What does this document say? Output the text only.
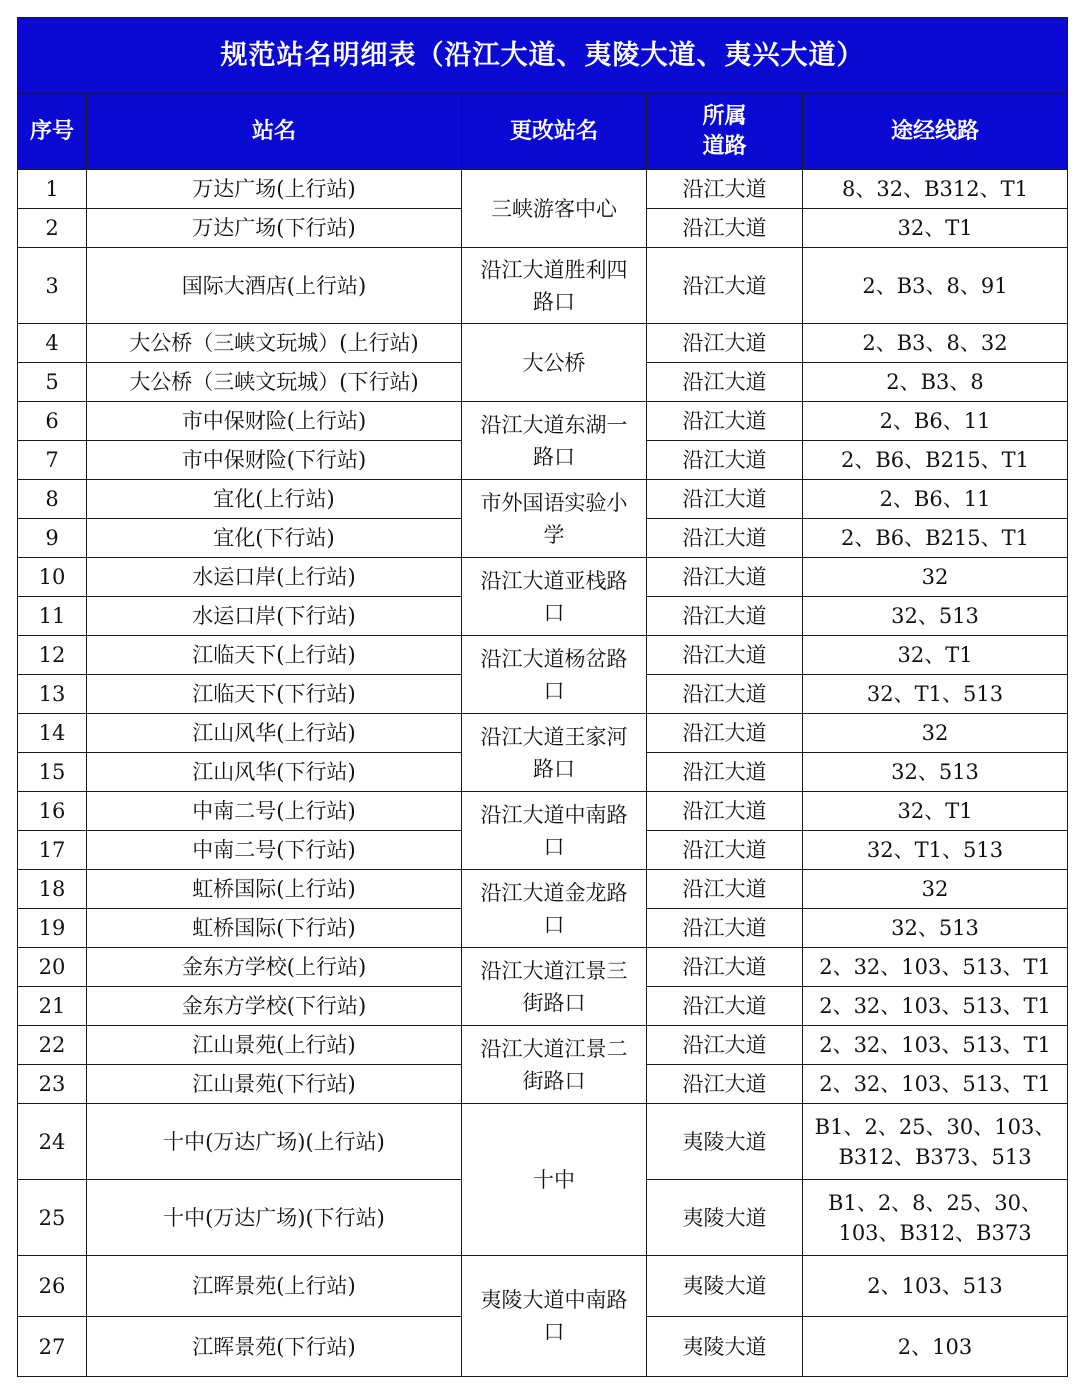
规范站名明细表（沿江大道、夷陵大道、夷兴大道）				
序号	站名	更改站名	所属道路	途经线路
1	万达广场(上行站)	三峡游客中心	沿江大道	8、32、B312、T1
2	万达广场(下行站)		沿江大道	32、T1
3	国际大酒店(上行站)	沿江大道胜利四路口	沿江大道	2、B3、8、91
4	大公桥（三峡文玩城）(上行站)	大公桥	沿江大道	2、B3、8、32
5	大公桥（三峡文玩城）(下行站)		沿江大道	2、B3、8
6	市中保财险(上行站)	沿江大道东湖一路口	沿江大道	2、B6、11
7	市中保财险(下行站)		沿江大道	2、B6、B215、T1
8	宜化(上行站)	市外国语实验小学	沿江大道	2、B6、11
9	宜化(下行站)		沿江大道	2、B6、B215、T1
10	水运口岸(上行站)	沿江大道亚栈路口	沿江大道	32
11	水运口岸(下行站)		沿江大道	32、513
12	江临天下(上行站)	沿江大道杨岔路口	沿江大道	32、T1
13	江临天下(下行站)		沿江大道	32、T1、513
14	江山风华(上行站)	沿江大道王家河路口	沿江大道	32
15	江山风华(下行站)		沿江大道	32、513
16	中南二号(上行站)	沿江大道中南路口	沿江大道	32、T1
17	中南二号(下行站)		沿江大道	32、T1、513
18	虹桥国际(上行站)	沿江大道金龙路口	沿江大道	32
19	虹桥国际(下行站)		沿江大道	32、513
20	金东方学校(上行站)	沿江大道江景三街路口	沿江大道	2、32、103、513、T1
21	金东方学校(下行站)		沿江大道	2、32、103、513、T1
22	江山景苑(上行站)	沿江大道江景二街路口	沿江大道	2、32、103、513、T1
23	江山景苑(下行站)		沿江大道	2、32、103、513、T1
24	十中(万达广场)(上行站)	十中	夷陵大道	B1、2、25、30、103、B312、B373、513
25	十中(万达广场)(下行站)		夷陵大道	B1、2、8、25、30、103、B312、B373
26	江晖景苑(上行站)	夷陵大道中南路口	夷陵大道	2、103、513
27	江晖景苑(下行站)		夷陵大道	2、103
